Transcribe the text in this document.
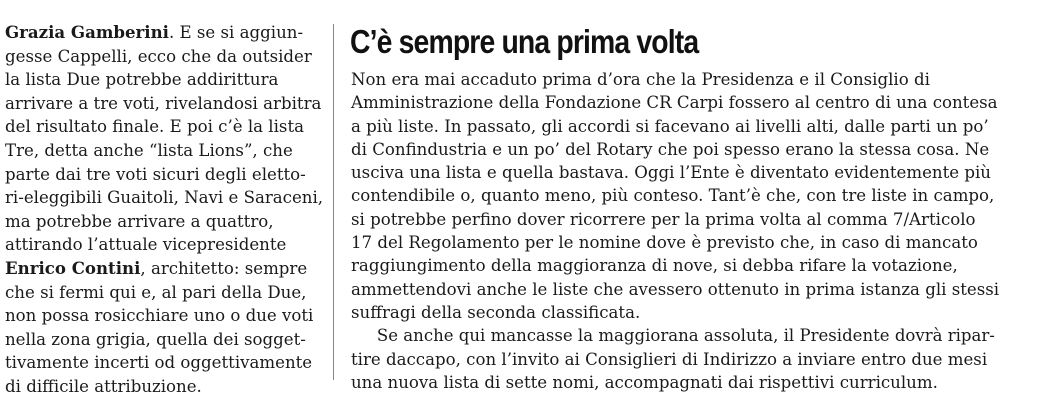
Grazia Gamberini. E se si aggiun-
gesse Cappelli, ecco che da outsider
la lista Due potrebbe addirittura
arrivare a tre voti, rivelandosi arbitra
del risultato finale. E poi c’è la lista
Tre, detta anche “lista Lions”, che
parte dai tre voti sicuri degli eletto-
ri-eleggibili Guaitoli, Navi e Saraceni,
ma potrebbe arrivare a quattro,
attirando l’attuale vicepresidente
Enrico Contini, architetto: sempre
che si fermi qui e, al pari della Due,
non possa rosicchiare uno o due voti
nella zona grigia, quella dei sogget-
tivamente incerti od oggettivamente
di difficile attribuzione.
C’è sempre una prima volta
Non era mai accaduto prima d’ora che la Presidenza e il Consiglio di
Amministrazione della Fondazione CR Carpi fossero al centro di una contesa
a più liste. In passato, gli accordi si facevano ai livelli alti, dalle parti un po’
di Confindustria e un po’ del Rotary che poi spesso erano la stessa cosa. Ne
usciva una lista e quella bastava. Oggi l’Ente è diventato evidentemente più
contendibile o, quanto meno, più conteso. Tant’è che, con tre liste in campo,
si potrebbe perfino dover ricorrere per la prima volta al comma 7/Articolo
17 del Regolamento per le nomine dove è previsto che, in caso di mancato
raggiungimento della maggioranza di nove, si debba rifare la votazione,
ammettendovi anche le liste che avessero ottenuto in prima istanza gli stessi
suffragi della seconda classificata.
Se anche qui mancasse la maggiorana assoluta, il Presidente dovrà ripar-
tire daccapo, con l’invito ai Consiglieri di Indirizzo a inviare entro due mesi
una nuova lista di sette nomi, accompagnati dai rispettivi curriculum.
